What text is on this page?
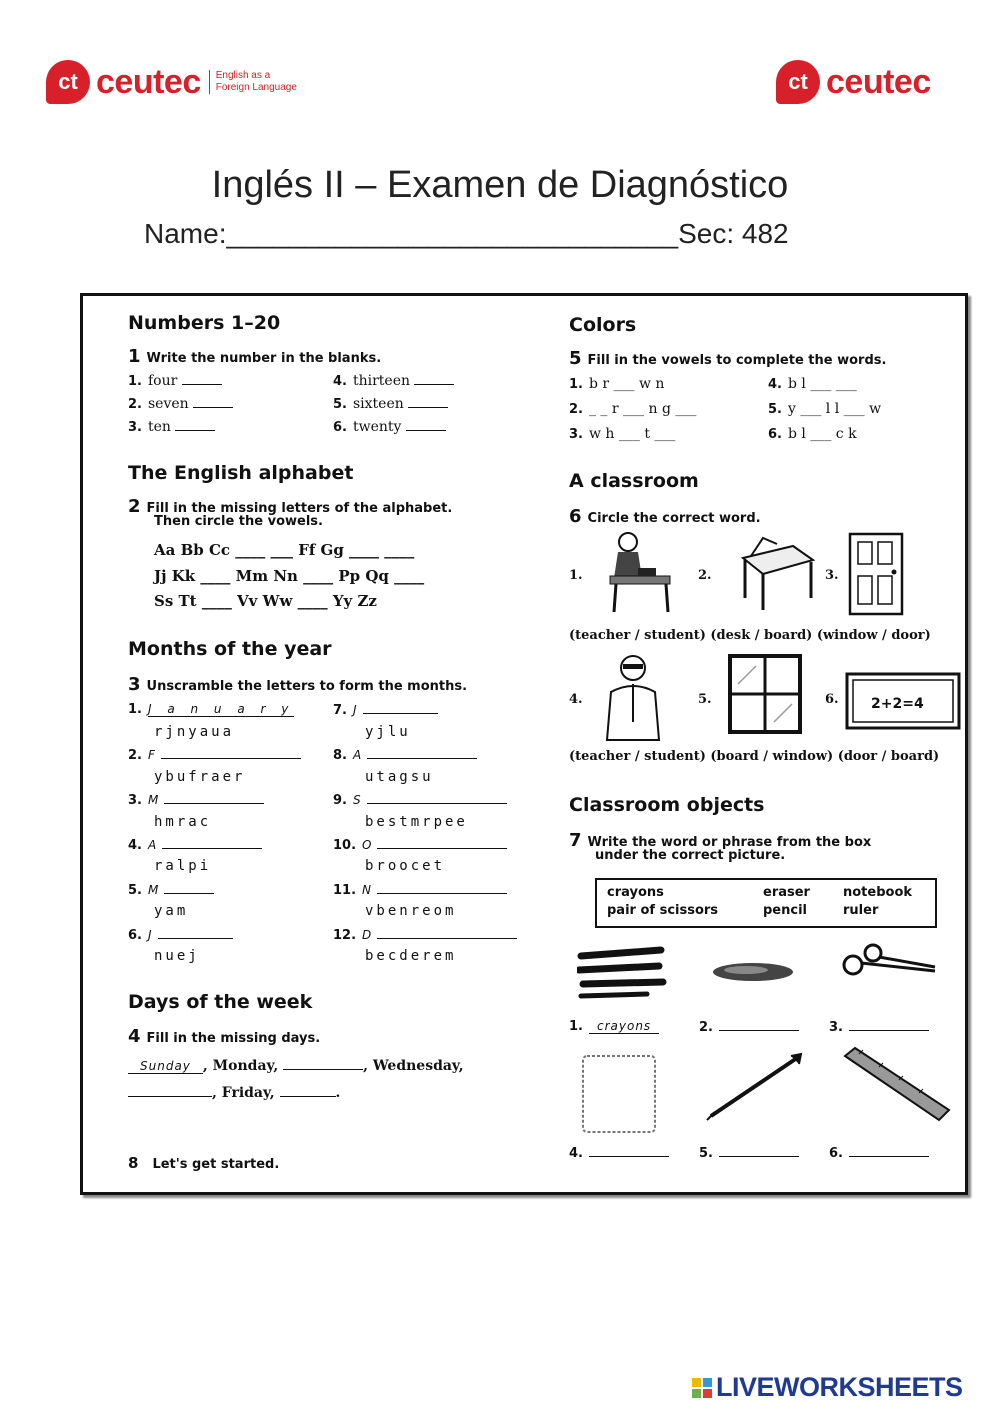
ct ceutec English as a
Foreign Language	ct ceutec
Inglés II – Examen de Diagnóstico
Name:_____________________________Sec: 482
Numbers 1–20
1 Write the number in the blanks.
1. four
2. seven
3. ten
4. thirteen
5. sixteen
6. twenty
The English alphabet
2 Fill in the missing letters of the alphabet.
Then circle the vowels.
Aa Bb Cc ____ ___ Ff Gg ____ ____
Jj Kk ____ Mm Nn ____ Pp Qq ____
Ss Tt ____ Vv Ww ____ Yy Zz
Months of the year
3 Unscramble the letters to form the months.
1. J a n u a r y
rjnyaua
2. F
ybufraer
3. M
hmrac
4. A
ralpi
5. M
yam
6. J
nuej
7. J
yjlu
8. A
utagsu
9. S
bestmrpee
10. O
broocet
11. N
vbenreom
12. D
becderem
Days of the week
4 Fill in the missing days.
Sunday , Monday,	, Wednesday,
, Friday,	.
8 Let's get started.
Colors
5 Fill in the vowels to complete the words.
1. b r ___ w n
2. _ _ r ___ n g ___
3. w h ___ t ___
4. b l ___ ___
5. y ___ l l ___ w
6. b l ___ c k
A classroom
6 Circle the correct word.
1.	2.	3.
(teacher / student) (desk / board) (window / door)
4.	5.	6. 2+2=4
(teacher / student) (board / window) (door / board)
Classroom objects
7 Write the word or phrase from the box
under the correct picture.
crayons	eraser	notebook
pair of scissors	pencil	ruler
1. crayons	2.	3.
4.	5.	6.
LIVEWORKSHEETS
